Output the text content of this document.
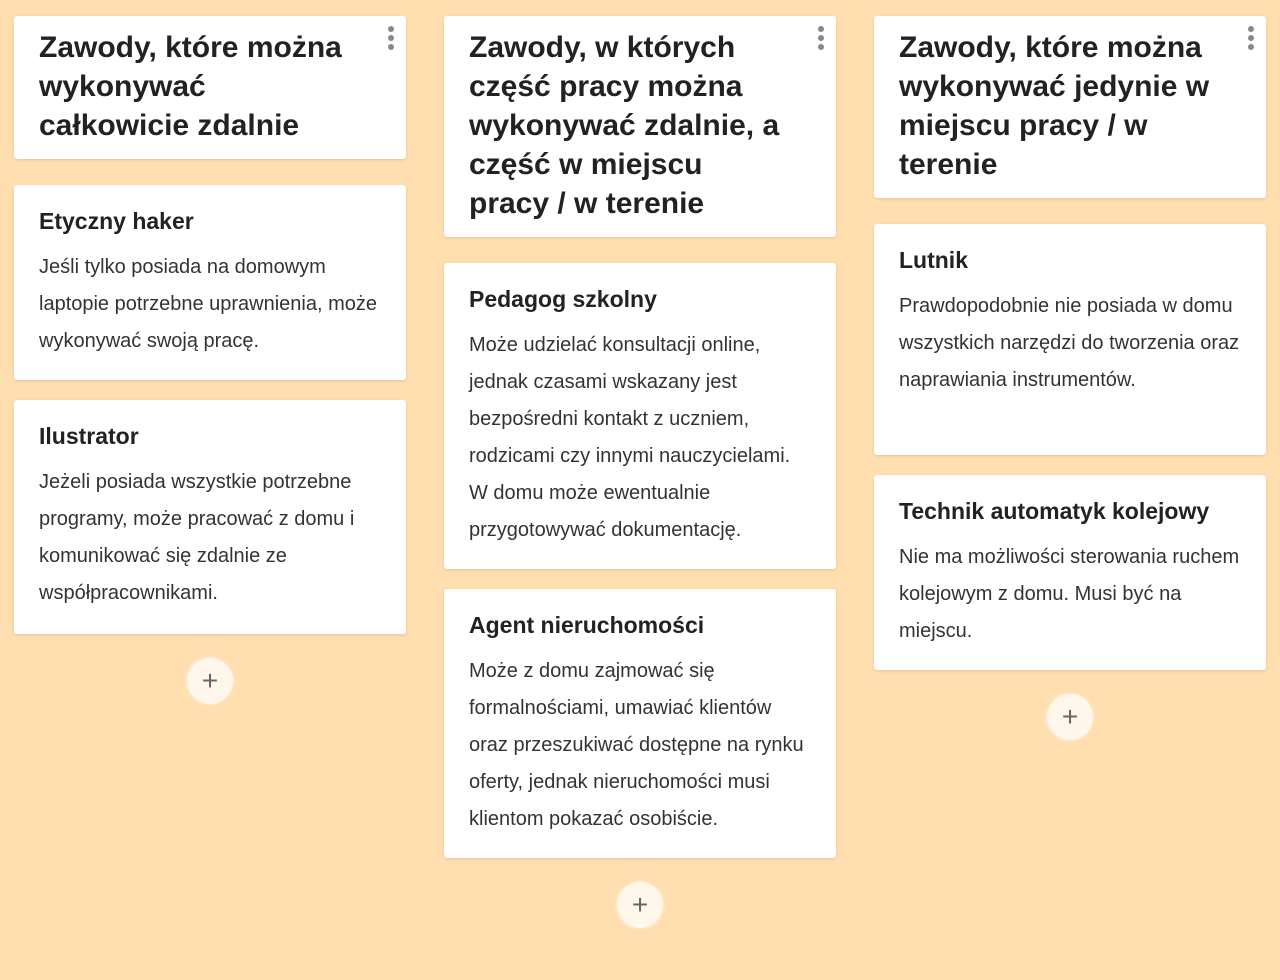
Zawody, które można wykonywać całkowicie zdalnie
Etyczny haker

Jeśli tylko posiada na domowym laptopie potrzebne uprawnienia, może wykonywać swoją pracę.

Ilustrator

Jeżeli posiada wszystkie potrzebne programy, może pracować z domu i komunikować się zdalnie ze współpracownikami.

+
Zawody, w których część pracy można wykonywać zdalnie, a część w miejscu pracy / w terenie
Pedagog szkolny

Może udzielać konsultacji online, jednak czasami wskazany jest bezpośredni kontakt z uczniem, rodzicami czy innymi nauczycielami. W domu może ewentualnie przygotowywać dokumentację.

Agent nieruchomości

Może z domu zajmować się formalnościami, umawiać klientów oraz przeszukiwać dostępne na rynku oferty, jednak nieruchomości musi klientom pokazać osobiście.

+
Zawody, które można wykonywać jedynie w miejscu pracy / w terenie
Lutnik

Prawdopodobnie nie posiada w domu wszystkich narzędzi do tworzenia oraz naprawiania instrumentów.

Technik automatyk kolejowy

Nie ma możliwości sterowania ruchem kolejowym z domu. Musi być na miejscu.

+
